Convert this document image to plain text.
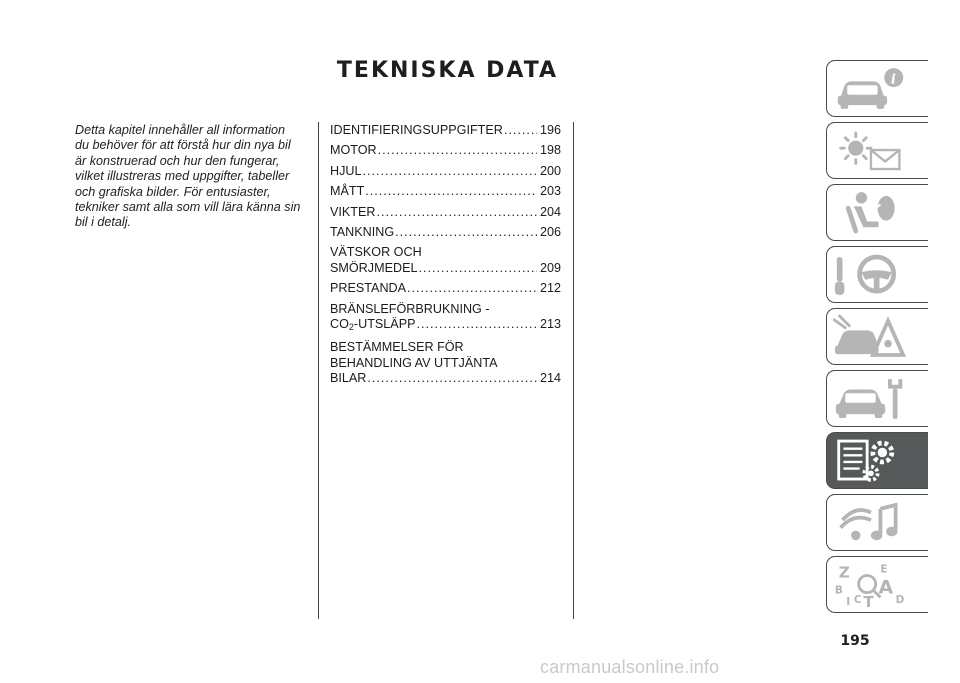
TEKNISKA DATA
Detta kapitel innehåller all information
du behöver för att förstå hur din nya bil
är konstruerad och hur den fungerar,
vilket illustreras med uppgifter, tabeller
och grafiska bilder. För entusiaster,
tekniker samt alla som vill lära känna sin
bil i detalj.
IDENTIFIERINGSUPPGIFTER .....	196
MOTOR .....	198
HJUL .....	200
MÅTT .....	203
VIKTER .....	204
TANKNING .....	206
VÄTSKOR OCH
SMÖRJMEDEL .....	209
PRESTANDA .....	212
BRÄNSLEFÖRBRUKNING -
$CO_2$-UTSLÄPP .....	213
BESTÄMMELSER FÖR
BEHANDLING AV UTTJÄNTA
BILAR .....	214
i
Z	E
B A
C T D
I
195
carmanualsonline.info
